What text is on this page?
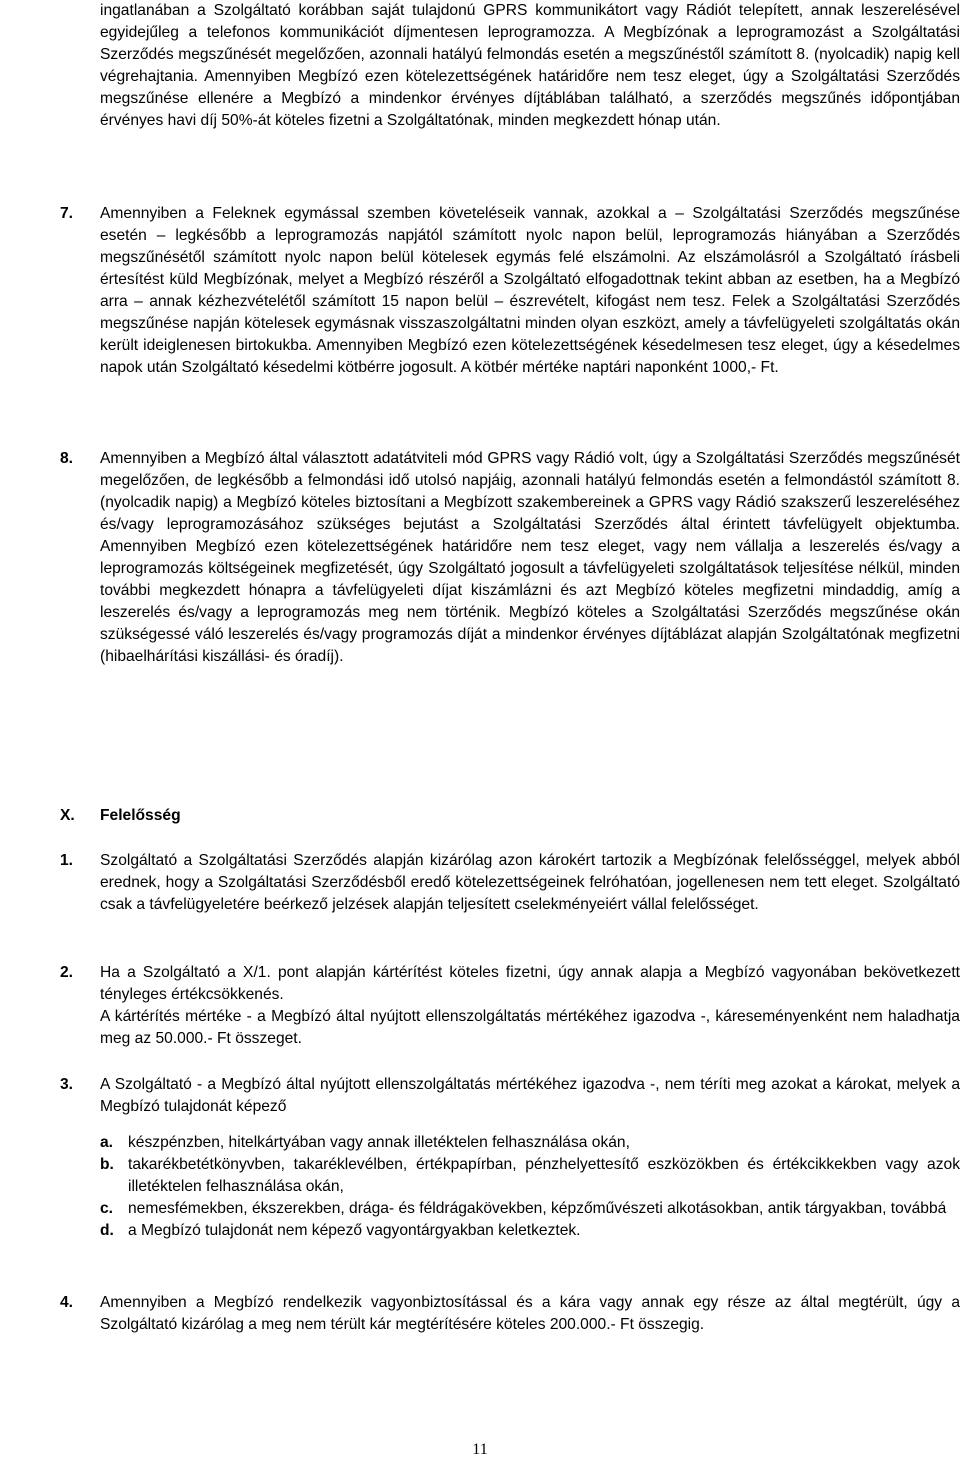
ingatlanában a Szolgáltató korábban saját tulajdonú GPRS kommunikátort vagy Rádiót telepített, annak leszerelésével egyidejűleg a telefonos kommunikációt díjmentesen leprogramozza. A Megbízónak a leprogramozást a Szolgáltatási Szerződés megszűnését megelőzően, azonnali hatályú felmondás esetén a megszűnéstől számított 8. (nyolcadik) napig kell végrehajtania. Amennyiben Megbízó ezen kötelezettségének határidőre nem tesz eleget, úgy a Szolgáltatási Szerződés megszűnése ellenére a Megbízó a mindenkor érvényes díjtáblában található, a szerződés megszűnés időpontjában érvényes havi díj 50%-át köteles fizetni a Szolgáltatónak, minden megkezdett hónap után.

7. Amennyiben a Feleknek egymással szemben követeléseik vannak, azokkal a – Szolgáltatási Szerződés megszűnése esetén – legkésőbb a leprogramozás napjától számított nyolc napon belül, leprogramozás hiányában a Szerződés megszűnésétől számított nyolc napon belül kötelesek egymás felé elszámolni. Az elszámolásról a Szolgáltató írásbeli értesítést küld Megbízónak, melyet a Megbízó részéről a Szolgáltató elfogadottnak tekint abban az esetben, ha a Megbízó arra – annak kézhezvételétől számított 15 napon belül – észrevételt, kifogást nem tesz. Felek a Szolgáltatási Szerződés megszűnése napján kötelesek egymásnak visszaszolgáltatni minden olyan eszközt, amely a távfelügyeleti szolgáltatás okán került ideiglenesen birtokukba. Amennyiben Megbízó ezen kötelezettségének késedelmesen tesz eleget, úgy a késedelmes napok után Szolgáltató késedelmi kötbérre jogosult. A kötbér mértéke naptári naponként 1000,- Ft.

8. Amennyiben a Megbízó által választott adatátviteli mód GPRS vagy Rádió volt, úgy a Szolgáltatási Szerződés megszűnését megelőzően, de legkésőbb a felmondási idő utolsó napjáig, azonnali hatályú felmondás esetén a felmondástól számított 8. (nyolcadik napig) a Megbízó köteles biztosítani a Megbízott szakembereinek a GPRS vagy Rádió szakszerű leszereléséhez és/vagy leprogramozásához szükséges bejutást a Szolgáltatási Szerződés által érintett távfelügyelt objektumba. Amennyiben Megbízó ezen kötelezettségének határidőre nem tesz eleget, vagy nem vállalja a leszerelés és/vagy a leprogramozás költségeinek megfizetését, úgy Szolgáltató jogosult a távfelügyeleti szolgáltatások teljesítése nélkül, minden további megkezdett hónapra a távfelügyeleti díjat kiszámlázni és azt Megbízó köteles megfizetni mindaddig, amíg a leszerelés és/vagy a leprogramozás meg nem történik. Megbízó köteles a Szolgáltatási Szerződés megszűnése okán szükségessé váló leszerelés és/vagy programozás díját a mindenkor érvényes díjtáblázat alapján Szolgáltatónak megfizetni (hibaelhárítási kiszállási- és óradíj).

X. Felelősség
1. Szolgáltató a Szolgáltatási Szerződés alapján kizárólag azon károkért tartozik a Megbízónak felelősséggel, melyek abból erednek, hogy a Szolgáltatási Szerződésből eredő kötelezettségeinek felróhatóan, jogellenesen nem tett eleget. Szolgáltató csak a távfelügyeletére beérkező jelzések alapján teljesített cselekményeiért vállal felelősséget.

2. Ha a Szolgáltató a X/1. pont alapján kártérítést köteles fizetni, úgy annak alapja a Megbízó vagyonában bekövetkezett tényleges értékcsökkenés.

A kártérítés mértéke - a Megbízó által nyújtott ellenszolgáltatás mértékéhez igazodva -, káreseményenként nem haladhatja meg az 50.000.- Ft összeget.

3. A Szolgáltató - a Megbízó által nyújtott ellenszolgáltatás mértékéhez igazodva -, nem téríti meg azokat a károkat, melyek a Megbízó tulajdonát képező

a. készpénzben, hitelkártyában vagy annak illetéktelen felhasználása okán,
b. takarékbetétkönyvben, takaréklevélben, értékpapírban, pénzhelyettesítő eszközökben és értékcikkekben vagy azok illetéktelen felhasználása okán,
c. nemesfémekben, ékszerekben, drága- és féldrágakövekben, képzőművészeti alkotásokban, antik tárgyakban, továbbá
d. a Megbízó tulajdonát nem képező vagyontárgyakban keletkeztek.
4. Amennyiben a Megbízó rendelkezik vagyonbiztosítással és a kára vagy annak egy része az által megtérült, úgy a Szolgáltató kizárólag a meg nem térült kár megtérítésére köteles 200.000.- Ft összegig.

11
